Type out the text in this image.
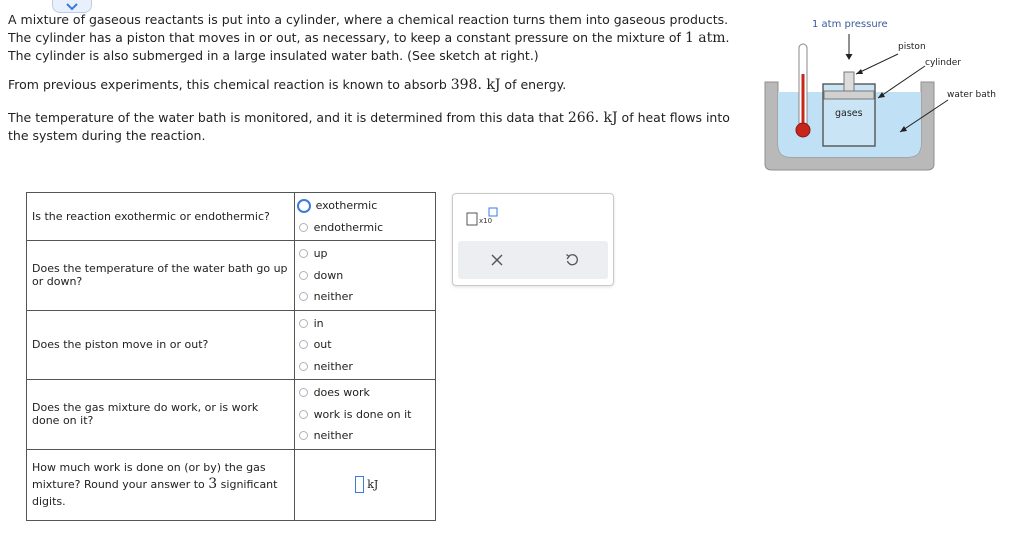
A mixture of gaseous reactants is put into a cylinder, where a chemical reaction turns them into gaseous products. The cylinder has a piston that moves in or out, as necessary, to keep a constant pressure on the mixture of 1 atm. The cylinder is also submerged in a large insulated water bath. (See sketch at right.)

From previous experiments, this chemical reaction is known to absorb 398. kJ of energy.

The temperature of the water bath is monitored, and it is determined from this data that 266. kJ of heat flows into the system during the reaction.

Is the reaction exothermic or endothermic?	exothermic
endothermic

Does the temperature of the water bath go up or down?	up
down
neither

Does the piston move in or out?	in
out
neither

Does the gas mixture do work, or is work done on it?	does work
work is done on it
neither

How much work is done on (or by) the gas mixture? Round your answer to 3 significant digits.	kJ
x10
1 atm pressure
piston
cylinder
water bath
gases
